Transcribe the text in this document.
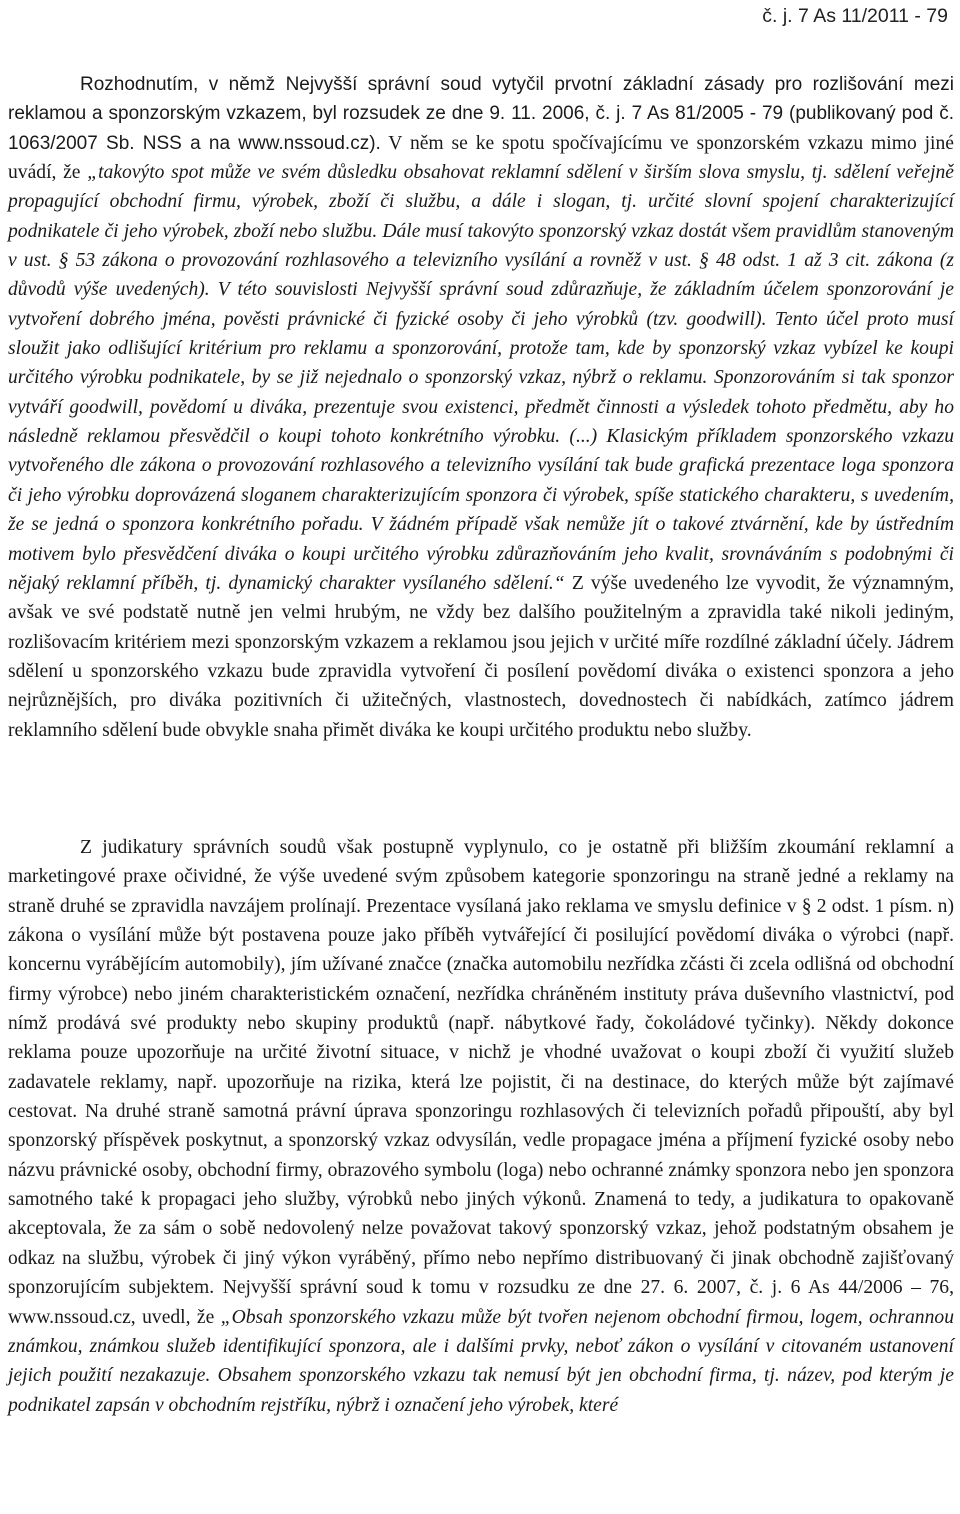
č. j. 7 As 11/2011 - 79

Rozhodnutím, v němž Nejvyšší správní soud vytyčil prvotní základní zásady pro rozlišování mezi reklamou a sponzorským vzkazem, byl rozsudek ze dne 9. 11. 2006, č. j. 7 As 81/2005 - 79 (publikovaný pod č. 1063/2007 Sb. NSS a na www.nssoud.cz). V něm se ke spotu spočívajícímu ve sponzorském vzkazu mimo jiné uvádí, že „takovýto spot může ve svém důsledku obsahovat reklamní sdělení v širším slova smyslu, tj. sdělení veřejně propagující obchodní firmu, výrobek, zboží či službu, a dále i slogan, tj. určité slovní spojení charakterizující podnikatele či jeho výrobek, zboží nebo službu. Dále musí takovýto sponzorský vzkaz dostát všem pravidlům stanoveným v ust. § 53 zákona o provozování rozhlasového a televizního vysílání a rovněž v ust. § 48 odst. 1 až 3 cit. zákona (z důvodů výše uvedených). V této souvislosti Nejvyšší správní soud zdůrazňuje, že základním účelem sponzorování je vytvoření dobrého jména, pověsti právnické či fyzické osoby či jeho výrobků (tzv. goodwill). Tento účel proto musí sloužit jako odlišující kritérium pro reklamu a sponzorování, protože tam, kde by sponzorský vzkaz vybízel ke koupi určitého výrobku podnikatele, by se již nejednalo o sponzorský vzkaz, nýbrž o reklamu. Sponzorováním si tak sponzor vytváří goodwill, povědomí u diváka, prezentuje svou existenci, předmět činnosti a výsledek tohoto předmětu, aby ho následně reklamou přesvědčil o koupi tohoto konkrétního výrobku. (...) Klasickým příkladem sponzorského vzkazu vytvořeného dle zákona o provozování rozhlasového a televizního vysílání tak bude grafická prezentace loga sponzora či jeho výrobku doprovázená sloganem charakterizujícím sponzora či výrobek, spíše statického charakteru, s uvedením, že se jedná o sponzora konkrétního pořadu. V žádném případě však nemůže jít o takové ztvárnění, kde by ústředním motivem bylo přesvědčení diváka o koupi určitého výrobku zdůrazňováním jeho kvalit, srovnáváním s podobnými či nějaký reklamní příběh, tj. dynamický charakter vysílaného sdělení.“ Z výše uvedeného lze vyvodit, že významným, avšak ve své podstatě nutně jen velmi hrubým, ne vždy bez dalšího použitelným a zpravidla také nikoli jediným, rozlišovacím kritériem mezi sponzorským vzkazem a reklamou jsou jejich v určité míře rozdílné základní účely. Jádrem sdělení u sponzorského vzkazu bude zpravidla vytvoření či posílení povědomí diváka o existenci sponzora a jeho nejrůznějších, pro diváka pozitivních či užitečných, vlastnostech, dovednostech či nabídkách, zatímco jádrem reklamního sdělení bude obvykle snaha přimět diváka ke koupi určitého produktu nebo služby.

Z judikatury správních soudů však postupně vyplynulo, co je ostatně při bližším zkoumání reklamní a marketingové praxe očividné, že výše uvedené svým způsobem kategorie sponzoringu na straně jedné a reklamy na straně druhé se zpravidla navzájem prolínají. Prezentace vysílaná jako reklama ve smyslu definice v § 2 odst. 1 písm. n) zákona o vysílání může být postavena pouze jako příběh vytvářející či posilující povědomí diváka o výrobci (např. koncernu vyrábějícím automobily), jím užívané značce (značka automobilu nezřídka zčásti či zcela odlišná od obchodní firmy výrobce) nebo jiném charakteristickém označení, nezřídka chráněném instituty práva duševního vlastnictví, pod nímž prodává své produkty nebo skupiny produktů (např. nábytkové řady, čokoládové tyčinky). Někdy dokonce reklama pouze upozorňuje na určité životní situace, v nichž je vhodné uvažovat o koupi zboží či využití služeb zadavatele reklamy, např. upozorňuje na rizika, která lze pojistit, či na destinace, do kterých může být zajímavé cestovat. Na druhé straně samotná právní úprava sponzoringu rozhlasových či televizních pořadů připouští, aby byl sponzorský příspěvek poskytnut, a sponzorský vzkaz odvysílán, vedle propagace jména a příjmení fyzické osoby nebo názvu právnické osoby, obchodní firmy, obrazového symbolu (loga) nebo ochranné známky sponzora nebo jen sponzora samotného také k propagaci jeho služby, výrobků nebo jiných výkonů. Znamená to tedy, a judikatura to opakovaně akceptovala, že za sám o sobě nedovolený nelze považovat takový sponzorský vzkaz, jehož podstatným obsahem je odkaz na službu, výrobek či jiný výkon vyráběný, přímo nebo nepřímo distribuovaný či jinak obchodně zajišťovaný sponzorujícím subjektem. Nejvyšší správní soud k tomu v rozsudku ze dne 27. 6. 2007, č. j. 6 As 44/2006 – 76, www.nssoud.cz, uvedl, že „Obsah sponzorského vzkazu může být tvořen nejenom obchodní firmou, logem, ochrannou známkou, známkou služeb identifikující sponzora, ale i dalšími prvky, neboť zákon o vysílání v citovaném ustanovení jejich použití nezakazuje. Obsahem sponzorského vzkazu tak nemusí být jen obchodní firma, tj. název, pod kterým je podnikatel zapsán v obchodním rejstříku, nýbrž i označení jeho výrobek, které
